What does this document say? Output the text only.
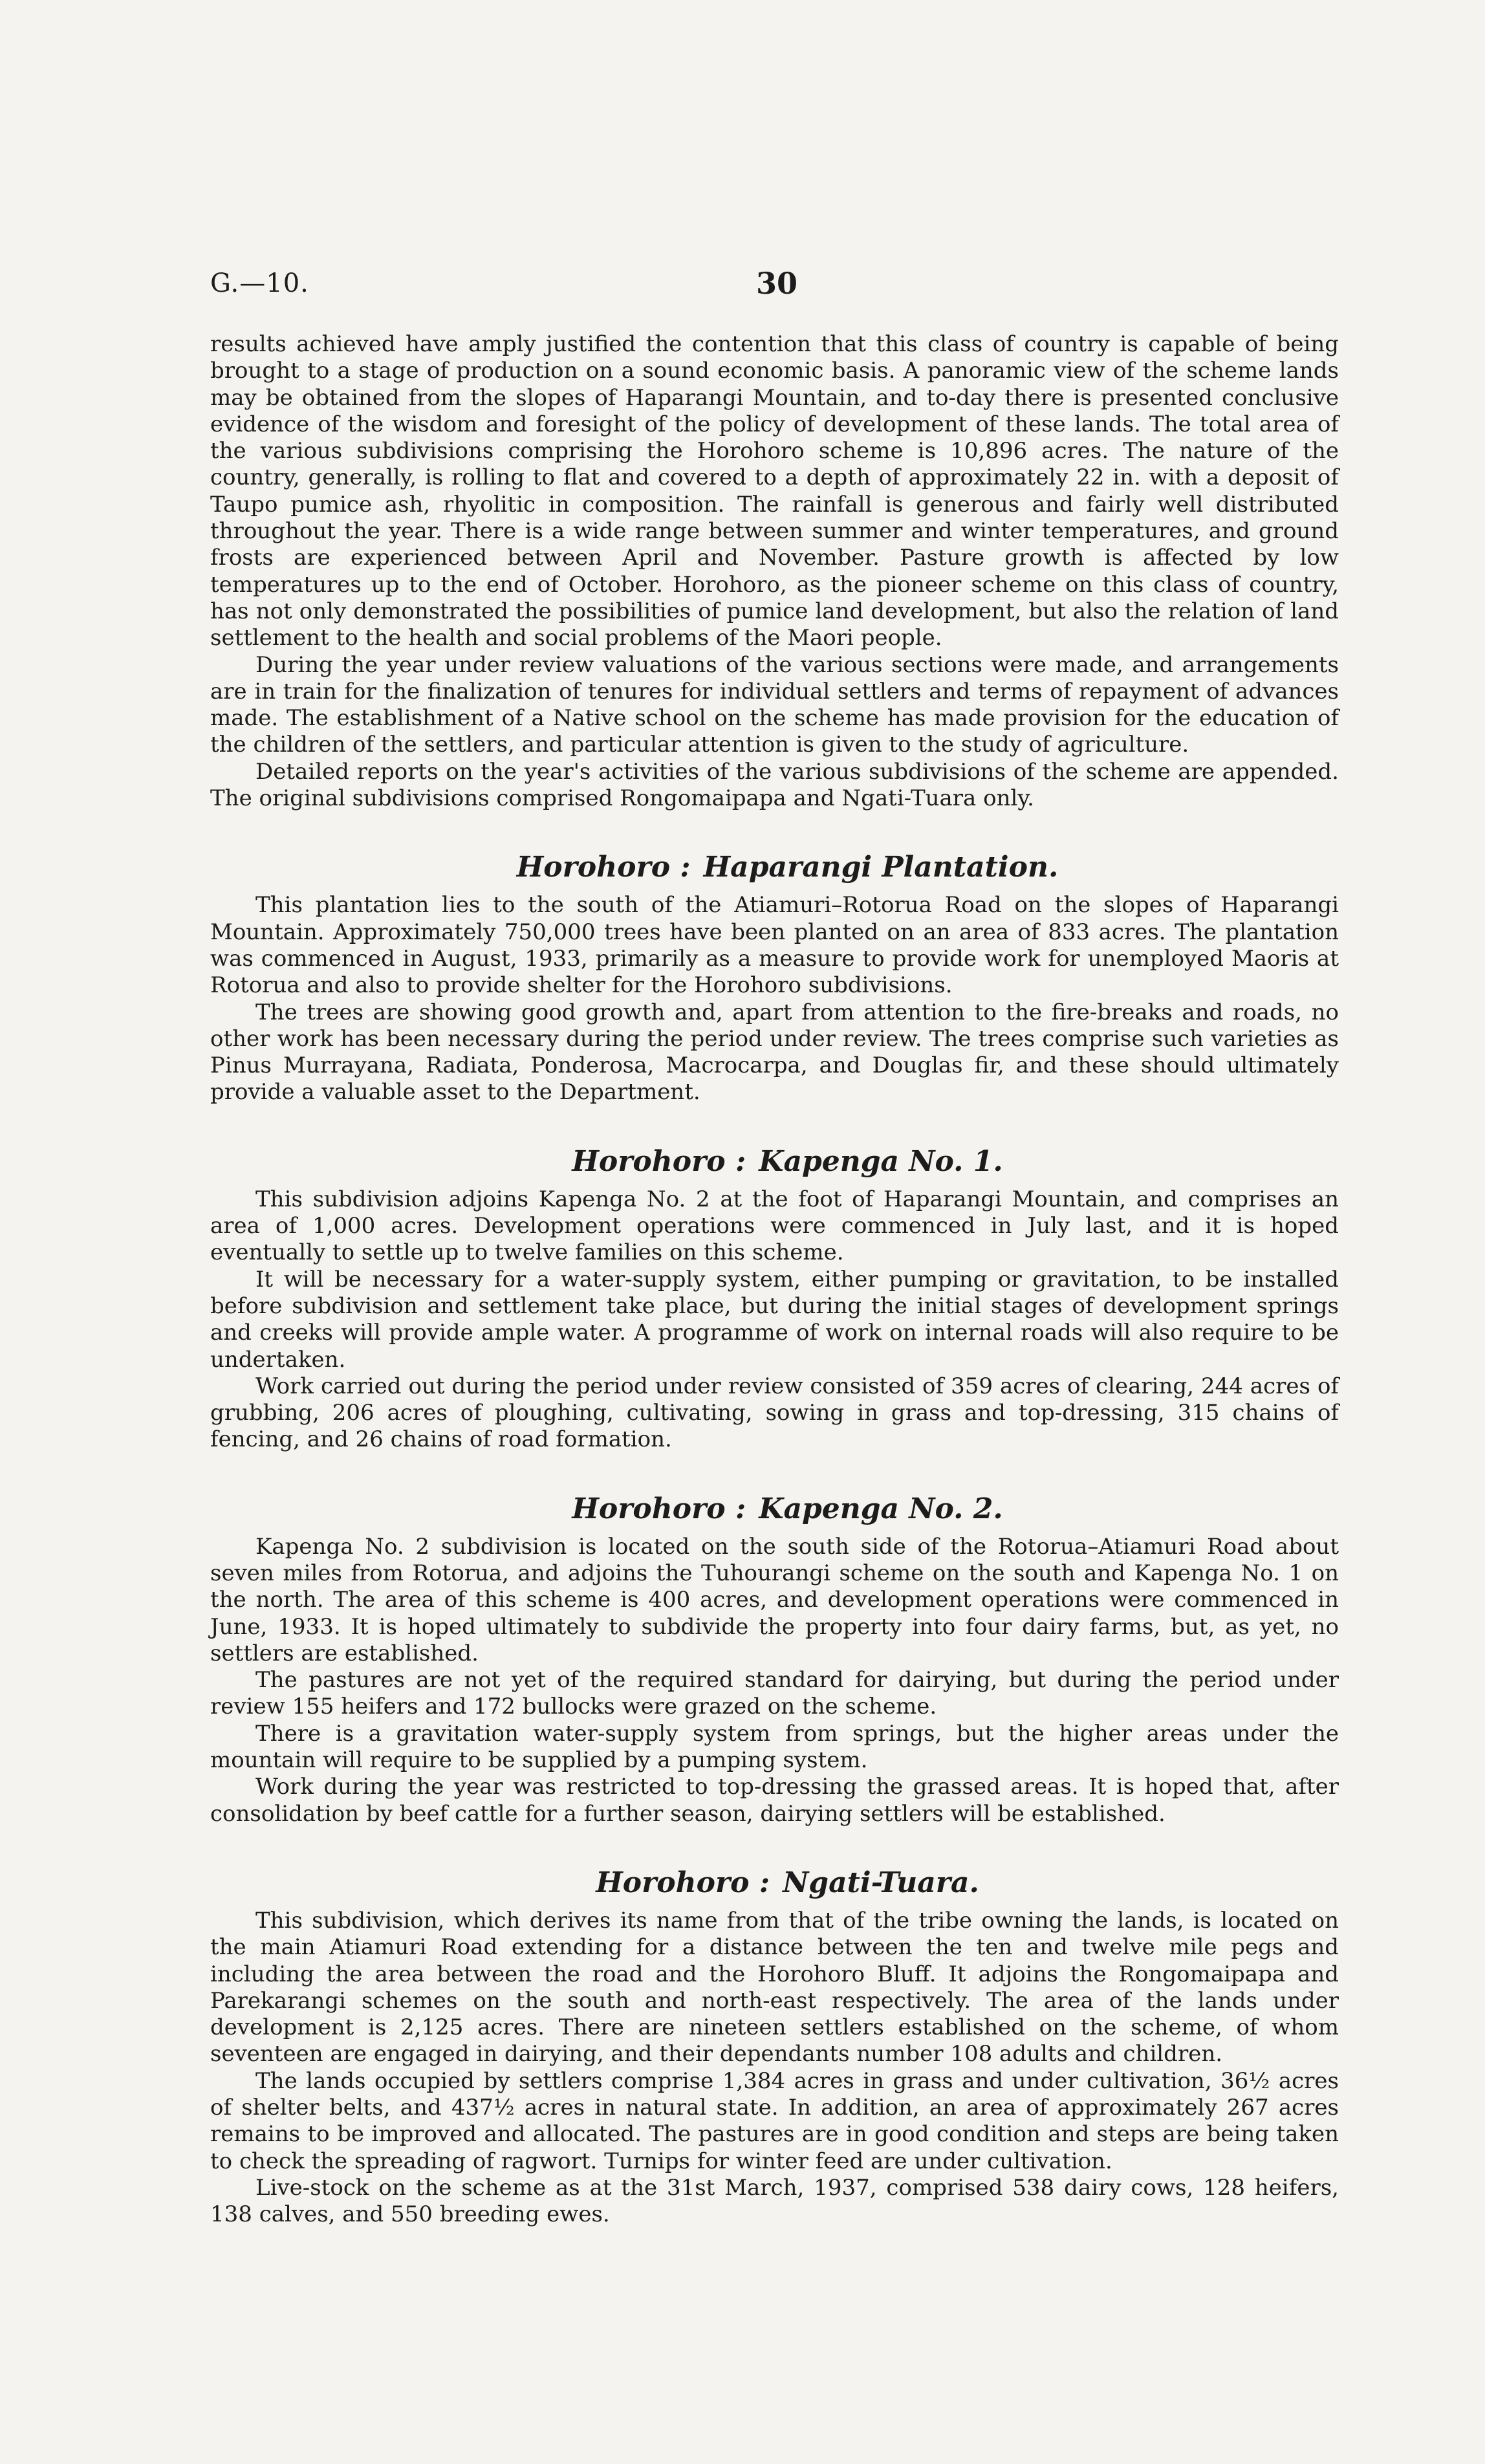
G.—10.	30

results achieved have amply justified the contention that this class of country is capable of being brought to a stage of production on a sound economic basis. A panoramic view of the scheme lands may be obtained from the slopes of Haparangi Mountain, and to-day there is presented conclusive evidence of the wisdom and foresight of the policy of development of these lands. The total area of the various subdivisions comprising the Horohoro scheme is 10,896 acres. The nature of the country, generally, is rolling to flat and covered to a depth of approximately 22 in. with a deposit of Taupo pumice ash, rhyolitic in composition. The rainfall is generous and fairly well distributed throughout the year. There is a wide range between summer and winter temperatures, and ground frosts are experienced between April and November. Pasture growth is affected by low temperatures up to the end of October. Horohoro, as the pioneer scheme on this class of country, has not only demonstrated the possibilities of pumice land development, but also the relation of land settlement to the health and social problems of the Maori people.

During the year under review valuations of the various sections were made, and arrangements are in train for the finalization of tenures for individual settlers and terms of repayment of advances made. The establishment of a Native school on the scheme has made provision for the education of the children of the settlers, and particular attention is given to the study of agriculture.

Detailed reports on the year's activities of the various subdivisions of the scheme are appended. The original subdivisions comprised Rongomaipapa and Ngati-Tuara only.

Horohoro : Haparangi Plantation.

This plantation lies to the south of the Atiamuri–Rotorua Road on the slopes of Haparangi Mountain. Approximately 750,000 trees have been planted on an area of 833 acres. The plantation was commenced in August, 1933, primarily as a measure to provide work for unemployed Maoris at Rotorua and also to provide shelter for the Horohoro subdivisions.

The trees are showing good growth and, apart from attention to the fire-breaks and roads, no other work has been necessary during the period under review. The trees comprise such varieties as Pinus Murrayana, Radiata, Ponderosa, Macrocarpa, and Douglas fir, and these should ultimately provide a valuable asset to the Department.

Horohoro : Kapenga No. 1.

This subdivision adjoins Kapenga No. 2 at the foot of Haparangi Mountain, and comprises an area of 1,000 acres. Development operations were commenced in July last, and it is hoped eventually to settle up to twelve families on this scheme.

It will be necessary for a water-supply system, either pumping or gravitation, to be installed before subdivision and settlement take place, but during the initial stages of development springs and creeks will provide ample water. A programme of work on internal roads will also require to be undertaken.

Work carried out during the period under review consisted of 359 acres of clearing, 244 acres of grubbing, 206 acres of ploughing, cultivating, sowing in grass and top-dressing, 315 chains of fencing, and 26 chains of road formation.

Horohoro : Kapenga No. 2.

Kapenga No. 2 subdivision is located on the south side of the Rotorua–Atiamuri Road about seven miles from Rotorua, and adjoins the Tuhourangi scheme on the south and Kapenga No. 1 on the north. The area of this scheme is 400 acres, and development operations were commenced in June, 1933. It is hoped ultimately to subdivide the property into four dairy farms, but, as yet, no settlers are established.

The pastures are not yet of the required standard for dairying, but during the period under review 155 heifers and 172 bullocks were grazed on the scheme.

There is a gravitation water-supply system from springs, but the higher areas under the mountain will require to be supplied by a pumping system.

Work during the year was restricted to top-dressing the grassed areas. It is hoped that, after consolidation by beef cattle for a further season, dairying settlers will be established.

Horohoro : Ngati-Tuara.

This subdivision, which derives its name from that of the tribe owning the lands, is located on the main Atiamuri Road extending for a distance between the ten and twelve mile pegs and including the area between the road and the Horohoro Bluff. It adjoins the Rongomaipapa and Parekarangi schemes on the south and north-east respectively. The area of the lands under development is 2,125 acres. There are nineteen settlers established on the scheme, of whom seventeen are engaged in dairying, and their dependants number 108 adults and children.

The lands occupied by settlers comprise 1,384 acres in grass and under cultivation, 36½ acres of shelter belts, and 437½ acres in natural state. In addition, an area of approximately 267 acres remains to be improved and allocated. The pastures are in good condition and steps are being taken to check the spreading of ragwort. Turnips for winter feed are under cultivation.

Live-stock on the scheme as at the 31st March, 1937, comprised 538 dairy cows, 128 heifers, 138 calves, and 550 breeding ewes.
